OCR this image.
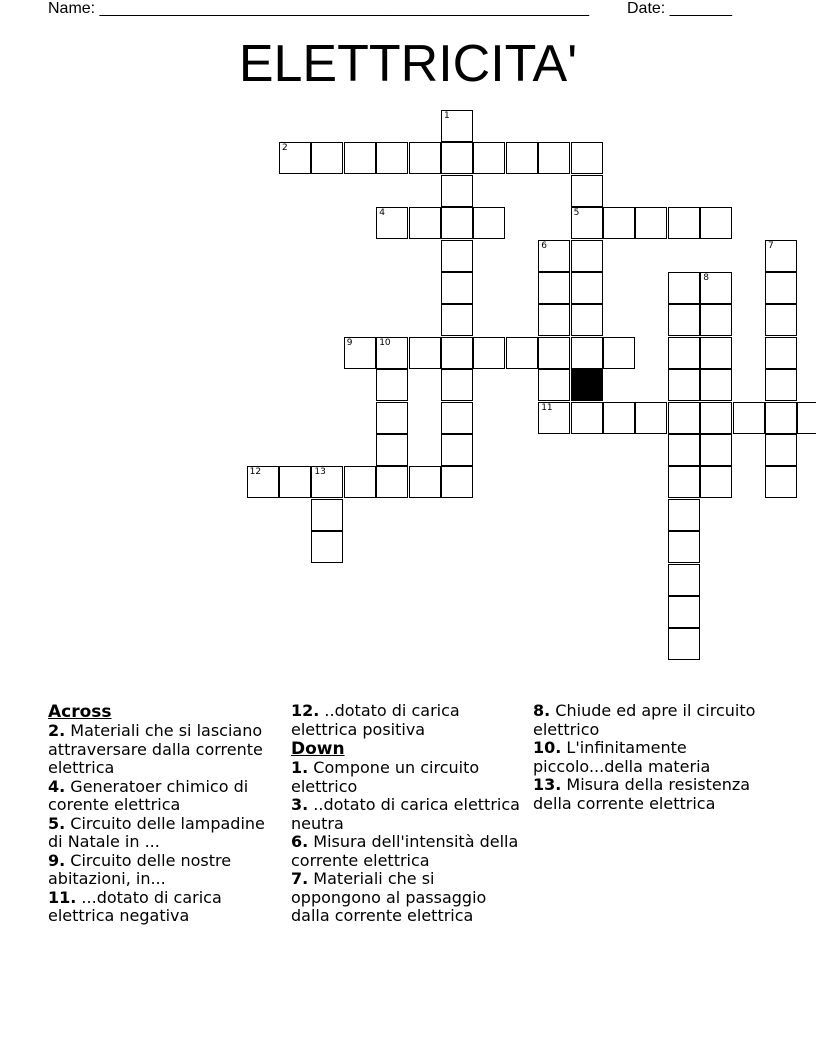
Name: _______________________________________________________ Date: _______
ELETTRICITA'
1
5
6
11
8
7
10
13
2
4
9
12
Across
2. Materiali che si lasciano attraversare dalla corrente elettrica
4. Generatoer chimico di corente elettrica
5. Circuito delle lampadine di Natale in ...
9. Circuito delle nostre abitazioni, in...
11. ...dotato di carica elettrica negativa
12. ..dotato di carica elettrica positiva
Down
1. Compone un circuito elettrico
3. ..dotato di carica elettrica neutra
6. Misura dell'intensità della corrente elettrica
7. Materiali che si oppongono al passaggio dalla corrente elettrica
8. Chiude ed apre il circuito elettrico
10. L'infinitamente piccolo...della materia
13. Misura della resistenza della corrente elettrica
